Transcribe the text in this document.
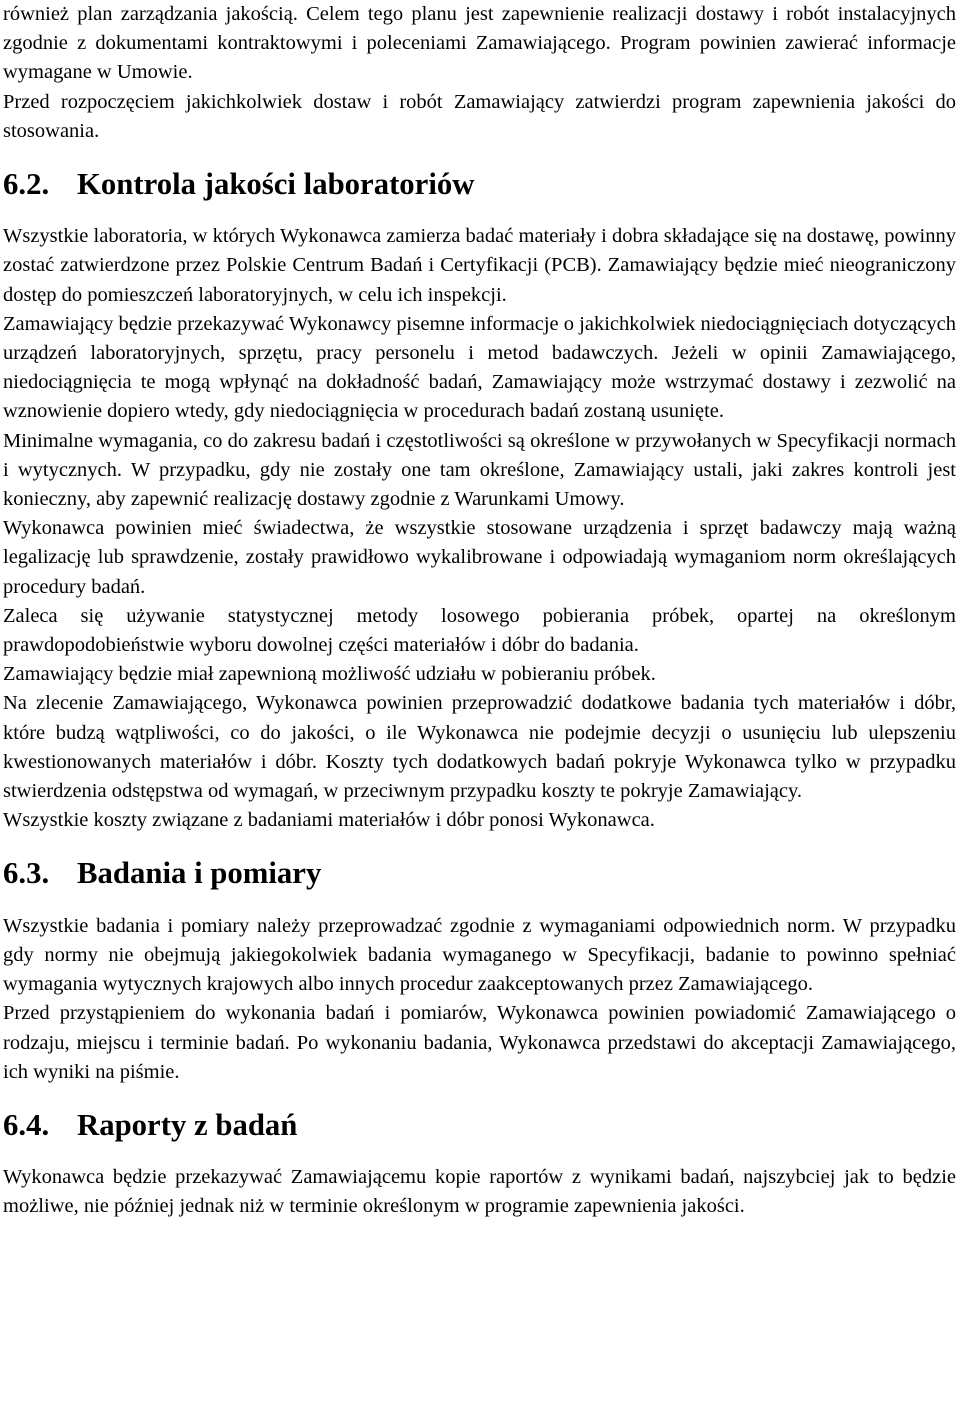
również plan zarządzania jakością. Celem tego planu jest zapewnienie realizacji dostawy i robót instalacyjnych zgodnie z dokumentami kontraktowymi i poleceniami Zamawiającego. Program powinien zawierać informacje wymagane w Umowie.

Przed rozpoczęciem jakichkolwiek dostaw i robót Zamawiający zatwierdzi program zapewnienia jakości do stosowania.

6.2. Kontrola jakości laboratoriów

Wszystkie laboratoria, w których Wykonawca zamierza badać materiały i dobra składające się na dostawę, powinny zostać zatwierdzone przez Polskie Centrum Badań i Certyfikacji (PCB). Zamawiający będzie mieć nieograniczony dostęp do pomieszczeń laboratoryjnych, w celu ich inspekcji.

Zamawiający będzie przekazywać Wykonawcy pisemne informacje o jakichkolwiek niedociągnięciach dotyczących urządzeń laboratoryjnych, sprzętu, pracy personelu i metod badawczych. Jeżeli w opinii Zamawiającego, niedociągnięcia te mogą wpłynąć na dokładność badań, Zamawiający może wstrzymać dostawy i zezwolić na wznowienie dopiero wtedy, gdy niedociągnięcia w procedurach badań zostaną usunięte.

Minimalne wymagania, co do zakresu badań i częstotliwości są określone w przywołanych w Specyfikacji normach i wytycznych. W przypadku, gdy nie zostały one tam określone, Zamawiający ustali, jaki zakres kontroli jest konieczny, aby zapewnić realizację dostawy zgodnie z Warunkami Umowy.

Wykonawca powinien mieć świadectwa, że wszystkie stosowane urządzenia i sprzęt badawczy mają ważną legalizację lub sprawdzenie, zostały prawidłowo wykalibrowane i odpowiadają wymaganiom norm określających procedury badań.

Zaleca się używanie statystycznej metody losowego pobierania próbek, opartej na określonym prawdopodobieństwie wyboru dowolnej części materiałów i dóbr do badania.

Zamawiający będzie miał zapewnioną możliwość udziału w pobieraniu próbek.

Na zlecenie Zamawiającego, Wykonawca powinien przeprowadzić dodatkowe badania tych materiałów i dóbr, które budzą wątpliwości, co do jakości, o ile Wykonawca nie podejmie decyzji o usunięciu lub ulepszeniu kwestionowanych materiałów i dóbr. Koszty tych dodatkowych badań pokryje Wykonawca tylko w przypadku stwierdzenia odstępstwa od wymagań, w przeciwnym przypadku koszty te pokryje Zamawiający.

Wszystkie koszty związane z badaniami materiałów i dóbr ponosi Wykonawca.

6.3. Badania i pomiary

Wszystkie badania i pomiary należy przeprowadzać zgodnie z wymaganiami odpowiednich norm. W przypadku gdy normy nie obejmują jakiegokolwiek badania wymaganego w Specyfikacji, badanie to powinno spełniać wymagania wytycznych krajowych albo innych procedur zaakceptowanych przez Zamawiającego.

Przed przystąpieniem do wykonania badań i pomiarów, Wykonawca powinien powiadomić Zamawiającego o rodzaju, miejscu i terminie badań. Po wykonaniu badania, Wykonawca przedstawi do akceptacji Zamawiającego, ich wyniki na piśmie.

6.4. Raporty z badań

Wykonawca będzie przekazywać Zamawiającemu kopie raportów z wynikami badań, najszybciej jak to będzie możliwe, nie później jednak niż w terminie określonym w programie zapewnienia jakości.
